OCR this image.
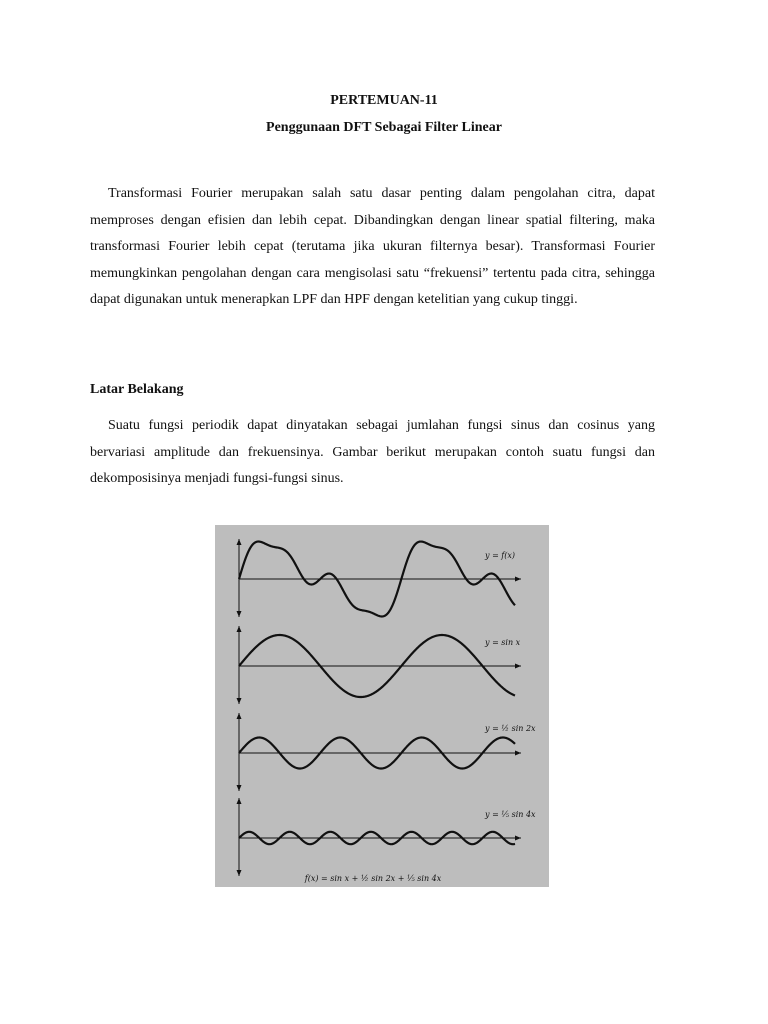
PERTEMUAN-11
Penggunaan DFT Sebagai Filter Linear

Transformasi Fourier merupakan salah satu dasar penting dalam pengolahan citra, dapat memproses dengan efisien dan lebih cepat. Dibandingkan dengan linear spatial filtering, maka transformasi Fourier lebih cepat (terutama jika ukuran filternya besar). Transformasi Fourier memungkinkan pengolahan dengan cara mengisolasi satu “frekuensi” tertentu pada citra, sehingga dapat digunakan untuk menerapkan LPF dan HPF dengan ketelitian yang cukup tinggi.

Latar Belakang

Suatu fungsi periodik dapat dinyatakan sebagai jumlahan fungsi sinus dan cosinus yang bervariasi amplitude dan frekuensinya. Gambar berikut merupakan contoh suatu fungsi dan dekomposisinya menjadi fungsi-fungsi sinus.

y = f(x)
y = sin x
y = ½ sin 2x
y = ⅕ sin 4x
f(x) = sin x + ½ sin 2x + ⅕ sin 4x
